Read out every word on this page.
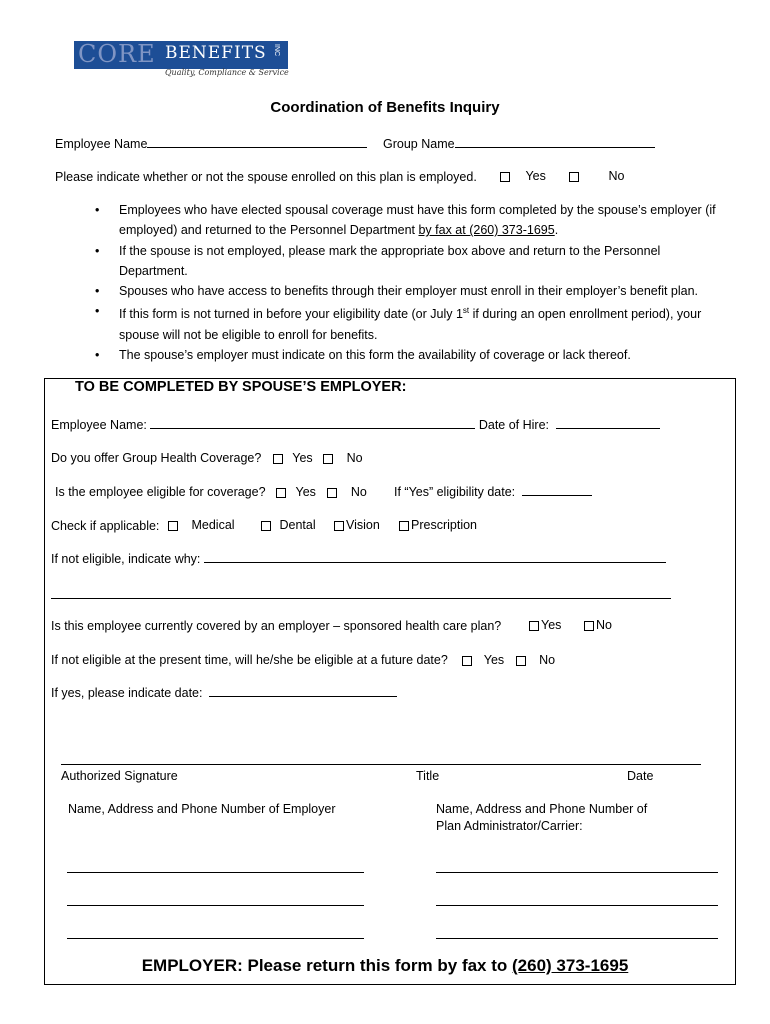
CORE BENEFITS INC
Quality, Compliance & Service
Coordination of Benefits Inquiry
Employee Name	Group Name
Please indicate whether or not the spouse enrolled on this plan is employed.	Yes	No
• Employees who have elected spousal coverage must have this form completed by the spouse’s employer (if employed) and returned to the Personnel Department by fax at (260) 373-1695.
• If the spouse is not employed, please mark the appropriate box above and return to the Personnel Department.
• Spouses who have access to benefits through their employer must enroll in their employer’s benefit plan.
• If this form is not turned in before your eligibility date (or July 1st if during an open enrollment period), your spouse will not be eligible to enroll for benefits.
• The spouse’s employer must indicate on this form the availability of coverage or lack thereof.
TO BE COMPLETED BY SPOUSE’S EMPLOYER:
Employee Name:	Date of Hire:
Do you offer Group Health Coverage? Yes	No
Is the employee eligible for coverage? Yes	No If “Yes” eligibility date:
Check if applicable:	Medical	Dental	Vision	Prescription
If not eligible, indicate why:
Is this employee currently covered by an employer – sponsored health care plan?	Yes	No
If not eligible at the present time, will he/she be eligible at a future date?	Yes	No
If yes, please indicate date:
Authorized Signature	Title	Date
Name, Address and Phone Number of Employer	Name, Address and Phone Number of
Plan Administrator/Carrier:
EMPLOYER: Please return this form by fax to (260) 373-1695
